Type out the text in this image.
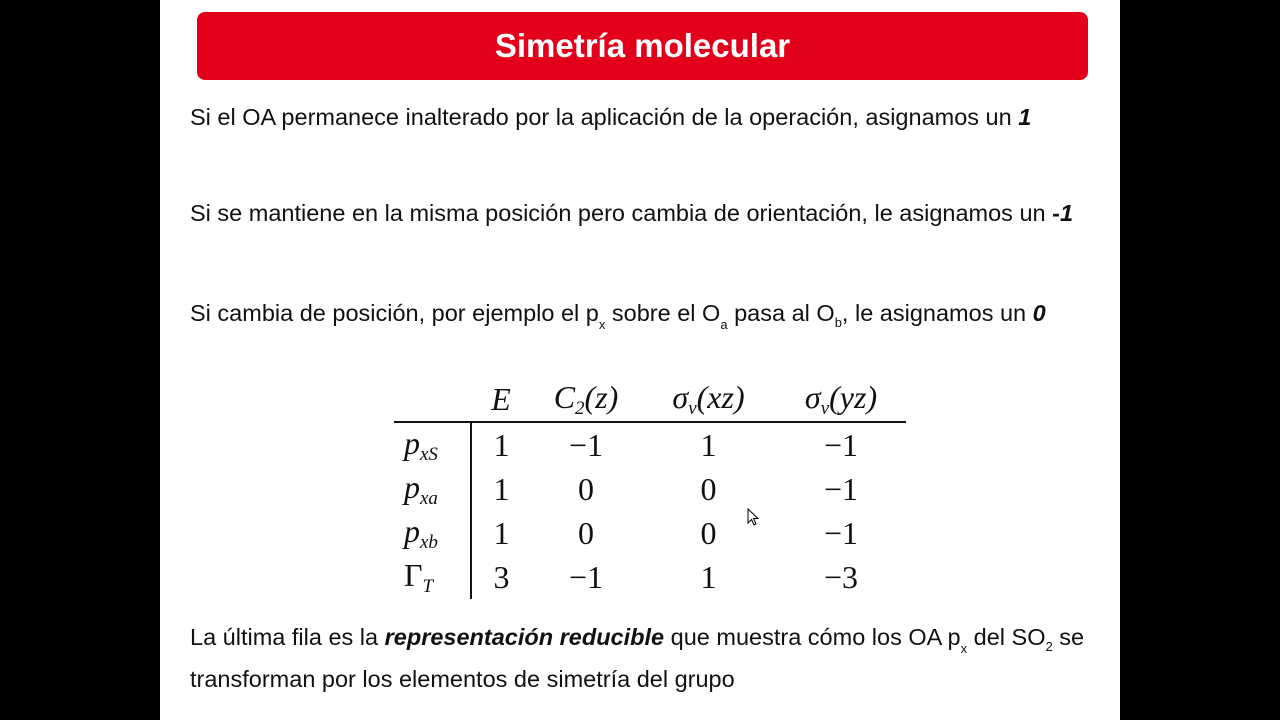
Simetría molecular
Si el OA permanece inalterado por la aplicación de la operación, asignamos un 1
Si se mantiene en la misma posición pero cambia de orientación, le asignamos un -1
Si cambia de posición, por ejemplo el $p_x$ sobre el $O_a$ pasa al $O_b$, le asignamos un 0
La última fila es la representación reducible que muestra cómo los OA $p_x$ del $SO_2$ se transforman por los elementos de simetría del grupo
	E	$C_2(z)$	$\sigma_v(xz)$	$\sigma_v(yz)$
$p_{xS}$	1	−1	1	−1
$p_{xa}$	1	0	0	−1
$p_{xb}$	1	0	0	−1
$\Gamma_T$	3	−1	1	−3
